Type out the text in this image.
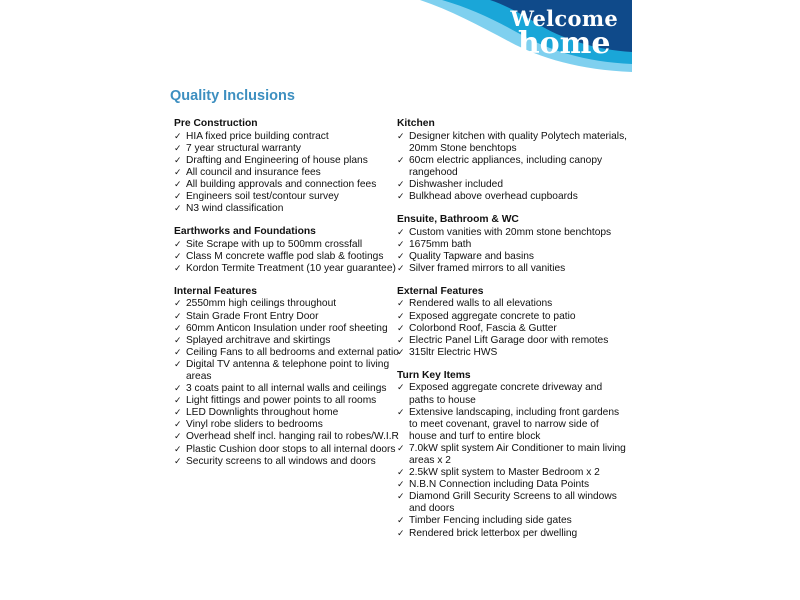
Welcome
home
Quality Inclusions
Pre Construction
✓ HIA fixed price building contract
✓ 7 year structural warranty
✓ Drafting and Engineering of house plans
✓ All council and insurance fees
✓ All building approvals and connection fees
✓ Engineers soil test/contour survey
✓ N3 wind classification
Earthworks and Foundations
✓ Site Scrape with up to 500mm crossfall
✓ Class M concrete waffle pod slab & footings
✓ Kordon Termite Treatment (10 year guarantee)
Internal Features
✓ 2550mm high ceilings throughout
✓ Stain Grade Front Entry Door
✓ 60mm Anticon Insulation under roof sheeting
✓ Splayed architrave and skirtings
✓ Ceiling Fans to all bedrooms and external patio
✓ Digital TV antenna & telephone point to living areas
✓ 3 coats paint to all internal walls and ceilings
✓ Light fittings and power points to all rooms
✓ LED Downlights throughout home
✓ Vinyl robe sliders to bedrooms
✓ Overhead shelf incl. hanging rail to robes/W.I.R
✓ Plastic Cushion door stops to all internal doors
✓ Security screens to all windows and doors
Kitchen
✓ Designer kitchen with quality Polytech materials, 20mm Stone benchtops
✓ 60cm electric appliances, including canopy rangehood
✓ Dishwasher included
✓ Bulkhead above overhead cupboards
Ensuite, Bathroom & WC
✓ Custom vanities with 20mm stone benchtops
✓ 1675mm bath
✓ Quality Tapware and basins
✓ Silver framed mirrors to all vanities
External Features
✓ Rendered walls to all elevations
✓ Exposed aggregate concrete to patio
✓ Colorbond Roof, Fascia & Gutter
✓ Electric Panel Lift Garage door with remotes
✓ 315ltr Electric HWS
Turn Key Items
✓ Exposed aggregate concrete driveway and paths to house
✓ Extensive landscaping, including front gardens to meet covenant, gravel to narrow side of house and turf to entire block
✓ 7.0kW split system Air Conditioner to main living areas x 2
✓ 2.5kW split system to Master Bedroom x 2
✓ N.B.N Connection including Data Points
✓ Diamond Grill Security Screens to all windows and doors
✓ Timber Fencing including side gates
✓ Rendered brick letterbox per dwelling
